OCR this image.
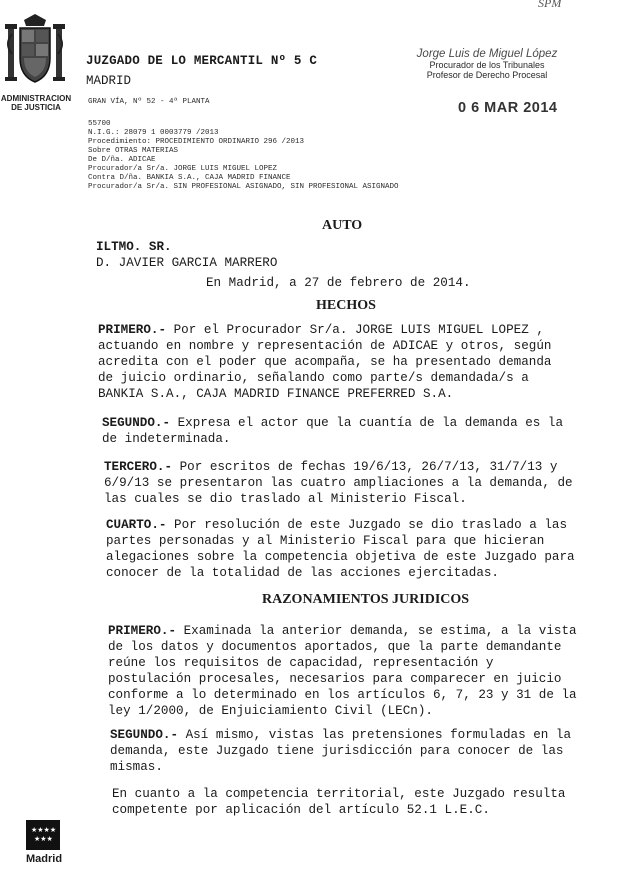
SPM
ADMINISTRACION
DE JUSTICIA
JUZGADO DE LO MERCANTIL Nº 5 C
MADRID
GRAN VÍA, Nº 52 - 4ª PLANTA
55700
N.I.G.: 28079 1 0003779 /2013
Procedimiento: PROCEDIMIENTO ORDINARIO 296 /2013
Sobre OTRAS MATERIAS
De D/ña. ADICAE
Procurador/a Sr/a. JORGE LUIS MIGUEL LOPEZ
Contra D/ña. BANKIA S.A., CAJA MADRID FINANCE
Procurador/a Sr/a. SIN PROFESIONAL ASIGNADO, SIN PROFESIONAL ASIGNADO
Jorge Luis de Miguel López
Procurador de los Tribunales
Profesor de Derecho Procesal
0 6 MAR 2014
AUTO
ILTMO. SR.
D. JAVIER GARCIA MARRERO
En Madrid, a 27 de febrero de 2014.
HECHOS
PRIMERO.- Por el Procurador Sr/a. JORGE LUIS MIGUEL LOPEZ ,
actuando en nombre y representación de ADICAE y otros, según
acredita con el poder que acompaña, se ha presentado demanda
de juicio ordinario, señalando como parte/s demandada/s a
BANKIA S.A., CAJA MADRID FINANCE PREFERRED S.A.
SEGUNDO.- Expresa el actor que la cuantía de la demanda es la
de indeterminada.
TERCERO.- Por escritos de fechas 19/6/13, 26/7/13, 31/7/13 y
6/9/13 se presentaron las cuatro ampliaciones a la demanda, de
las cuales se dio traslado al Ministerio Fiscal.
CUARTO.- Por resolución de este Juzgado se dio traslado a las
partes personadas y al Ministerio Fiscal para que hicieran
alegaciones sobre la competencia objetiva de este Juzgado para
conocer de la totalidad de las acciones ejercitadas.
RAZONAMIENTOS JURIDICOS
PRIMERO.- Examinada la anterior demanda, se estima, a la vista
de los datos y documentos aportados, que la parte demandante
reúne los requisitos de capacidad, representación y
postulación procesales, necesarios para comparecer en juicio
conforme a lo determinado en los artículos 6, 7, 23 y 31 de la
ley 1/2000, de Enjuiciamiento Civil (LECn).
SEGUNDO.- Así mismo, vistas las pretensiones formuladas en la
demanda, este Juzgado tiene jurisdicción para conocer de las
mismas.
En cuanto a la competencia territorial, este Juzgado resulta
competente por aplicación del artículo 52.1 L.E.C.
★★★★
★★★
Madrid
